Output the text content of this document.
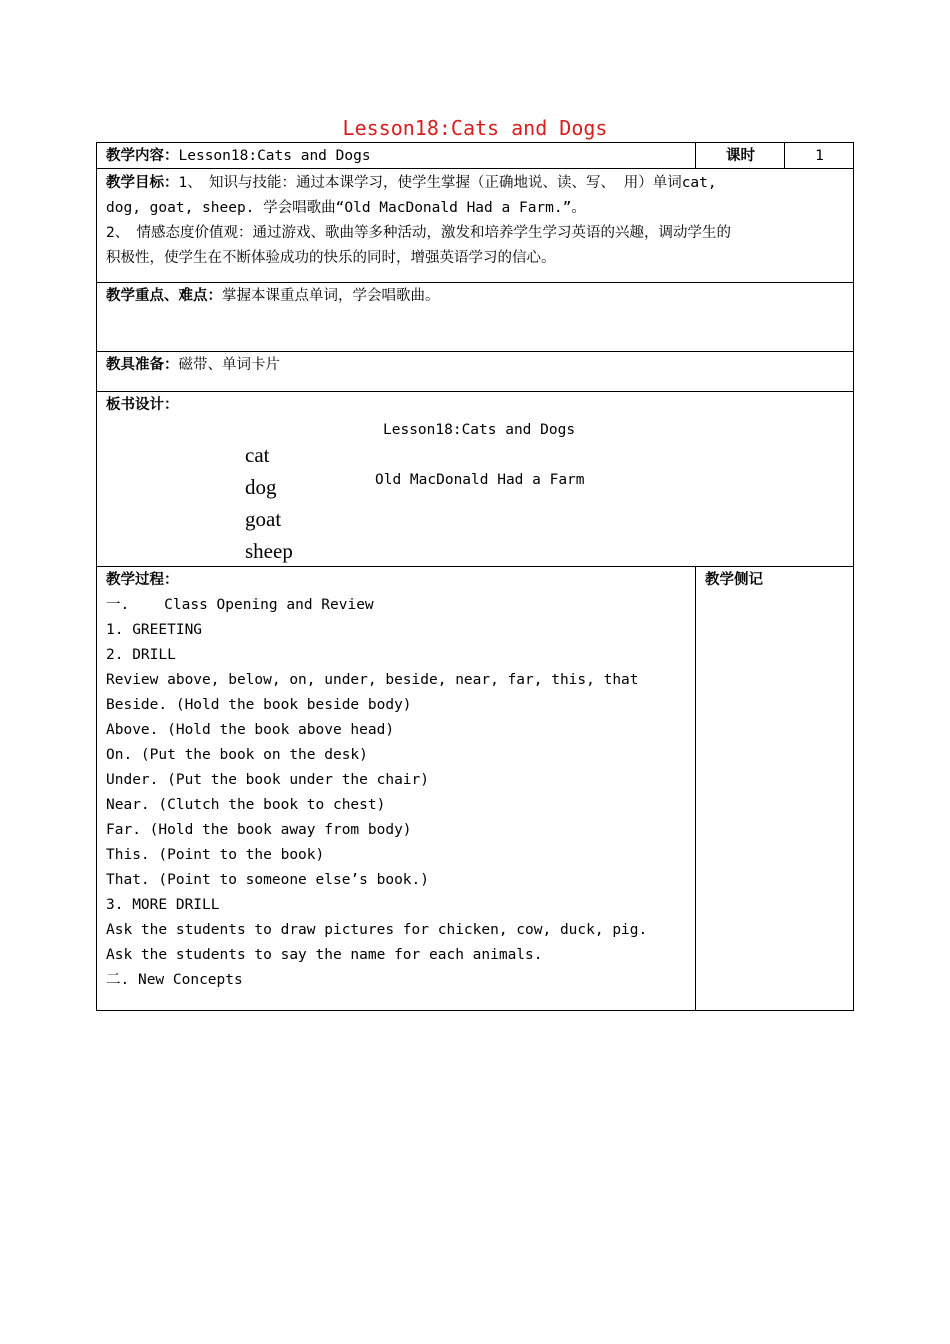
Lesson18:Cats and Dogs
教学内容：Lesson18:Cats and Dogs	课时	1
教学目标：1、　知识与技能：通过本课学习，使学生掌握（正确地说、读、写、 用）单词cat,
dog, goat, sheep. 学会唱歌曲“Old MacDonald Had a Farm.”。
2、　情感态度价值观：通过游戏、歌曲等多种活动，激发和培养学生学习英语的兴趣，调动学生的
积极性，使学生在不断体验成功的快乐的同时，增强英语学习的信心。
教学重点、难点：掌握本课重点单词，学会唱歌曲。
教具准备：磁带、单词卡片
板书设计：
Lesson18:Cats and Dogs
cat
dog
goat
sheep
Old MacDonald Had a Farm
教学过程：
一.    Class Opening and Review
1. GREETING
2. DRILL
Review above, below, on, under, beside, near, far, this, that
Beside. (Hold the book beside body)
Above. (Hold the book above head)
On. (Put the book on the desk)
Under. (Put the book under the chair)
Near. (Clutch the book to chest)
Far. (Hold the book away from body)
This. (Point to the book)
That. (Point to someone else’s book.)
3. MORE DRILL
Ask the students to draw pictures for chicken, cow, duck, pig.
Ask the students to say the name for each animals.
二. New Concepts
教学侧记
